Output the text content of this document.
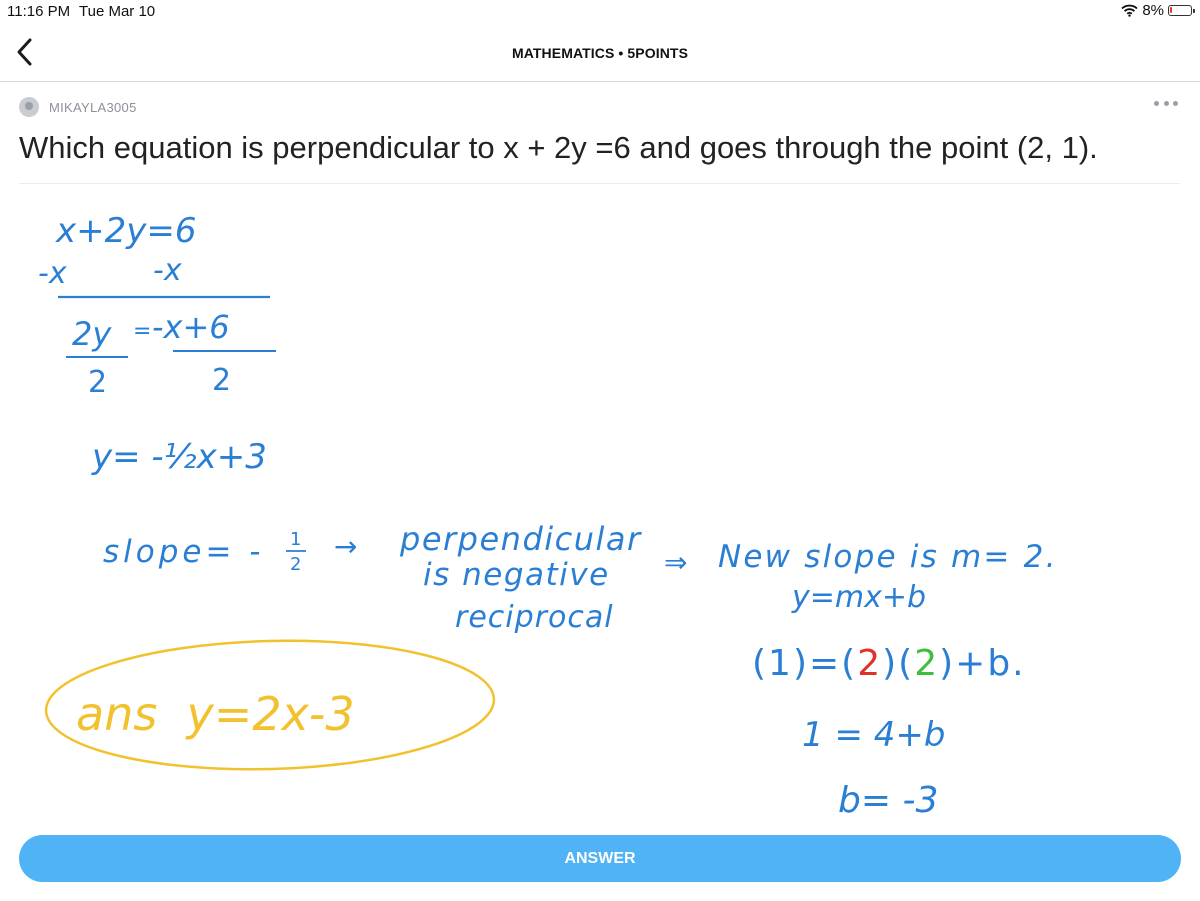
11:16 PM Tue Mar 10	8%
MATHEMATICS • 5POINTS
MIKAYLA3005
Which equation is perpendicular to x + 2y =6 and goes through the point (2, 1).
x+2y=6
-x	-x
2y = -x+6
2	2
y= -½x+3
slope= - 1
2
→ perpendicular
is negative
reciprocal
⇒ New slope is m= 2.
y=mx+b
(1)=(2)(2)+b.
1 = 4+b
b= -3
ans  y=2x-3
ANSWER
